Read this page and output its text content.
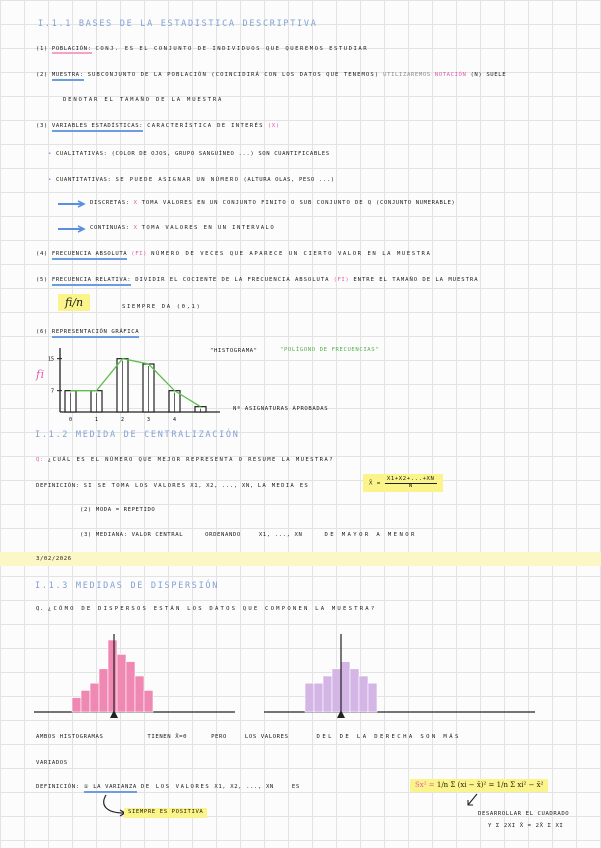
I.1.1 BASES DE LA ESTADISTICA DESCRIPTIVA
(1) POBLACIÓN: CONJ. ES EL CONJUNTO DE INDIVIDUOS QUE QUEREMOS ESTUDIAR
(2) MUESTRA: SUBCONJUNTO DE LA POBLACIÓN (COINCIDIRÁ CON LOS DATOS QUE TENEMOS) UTILIZAREMOS NOTACIÓN (N) SUELE
DENOTAR EL TAMAÑO DE LA MUESTRA
(3) VARIABLES ESTADÍSTICAS: CARACTERÍSTICA DE INTERÉS (X)
• CUALITATIVAS: (COLOR DE OJOS, GRUPO SANGUÍNEO ...) SON CUANTIFICABLES
• CUANTITATIVAS: SE PUEDE ASIGNAR UN NÚMERO (ALTURA OLAS, PESO ...)
DISCRETAS: X TOMA VALORES EN UN CONJUNTO FINITO O SUB CONJUNTO DE Q (CONJUNTO NUMERABLE)
CONTINUAS: X TOMA VALORES EN UN INTERVALO
(4) FRECUENCIA ABSOLUTA (FI) NÚMERO DE VECES QUE APARECE UN CIERTO VALOR EN LA MUESTRA
(5) FRECUENCIA RELATIVA: DIVIDIR EL COCIENTE DE LA FRECUENCIA ABSOLUTA (FI) ENTRE EL TAMAÑO DE LA MUESTRA
fi/n	SIEMPRE DA (0,1)
(6) REPRESENTACIÓN GRÁFICA
"HISTOGRAMA"	"POLÍGONO DE FRECUENCIAS"
fi
15
7
0	1	2	3	4
Nº ASIGNATURAS APROBADAS
I.1.2 MEDIDA DE CENTRALIZACIÓN
Q: ¿CUÁL ES EL NÚMERO QUE MEJOR REPRESENTA O RESUME LA MUESTRA?
DEFINICIÓN: SI SE TOMA LOS VALORES X1, X2, ..., XN, LA MEDIA ES	X̄ = $\frac{X1+X2+...+XN}{N}$
(2) MODA = REPETIDO
(3) MEDIANA: VALOR CENTRAL	ORDENANDO	X1, ..., XN	DE MAYOR A MENOR
3/02/2026
I.1.3 MEDIDAS DE DISPERSIÓN
Q. ¿CÓMO DE DISPERSOS ESTÁN LOS DATOS QUE COMPONEN LA MUESTRA?
AMBOS HISTOGRAMAS	TIENEN X̄=0	PERO	LOS VALORES	DEL DE LA DERECHA SON MÁS
VARIADOS
DEFINICIÓN: ① LA VARIANZA DE LOS VALORES X1, X2, ..., XN	ES	Sx² = 1/n Σ (xi − x̄)² = 1/n Σ xi² − x̄²
SIEMPRE ES POSITIVA	DESARROLLAR EL CUADRADO
Y Σ 2XI X̄ = 2X̄ Σ XI
